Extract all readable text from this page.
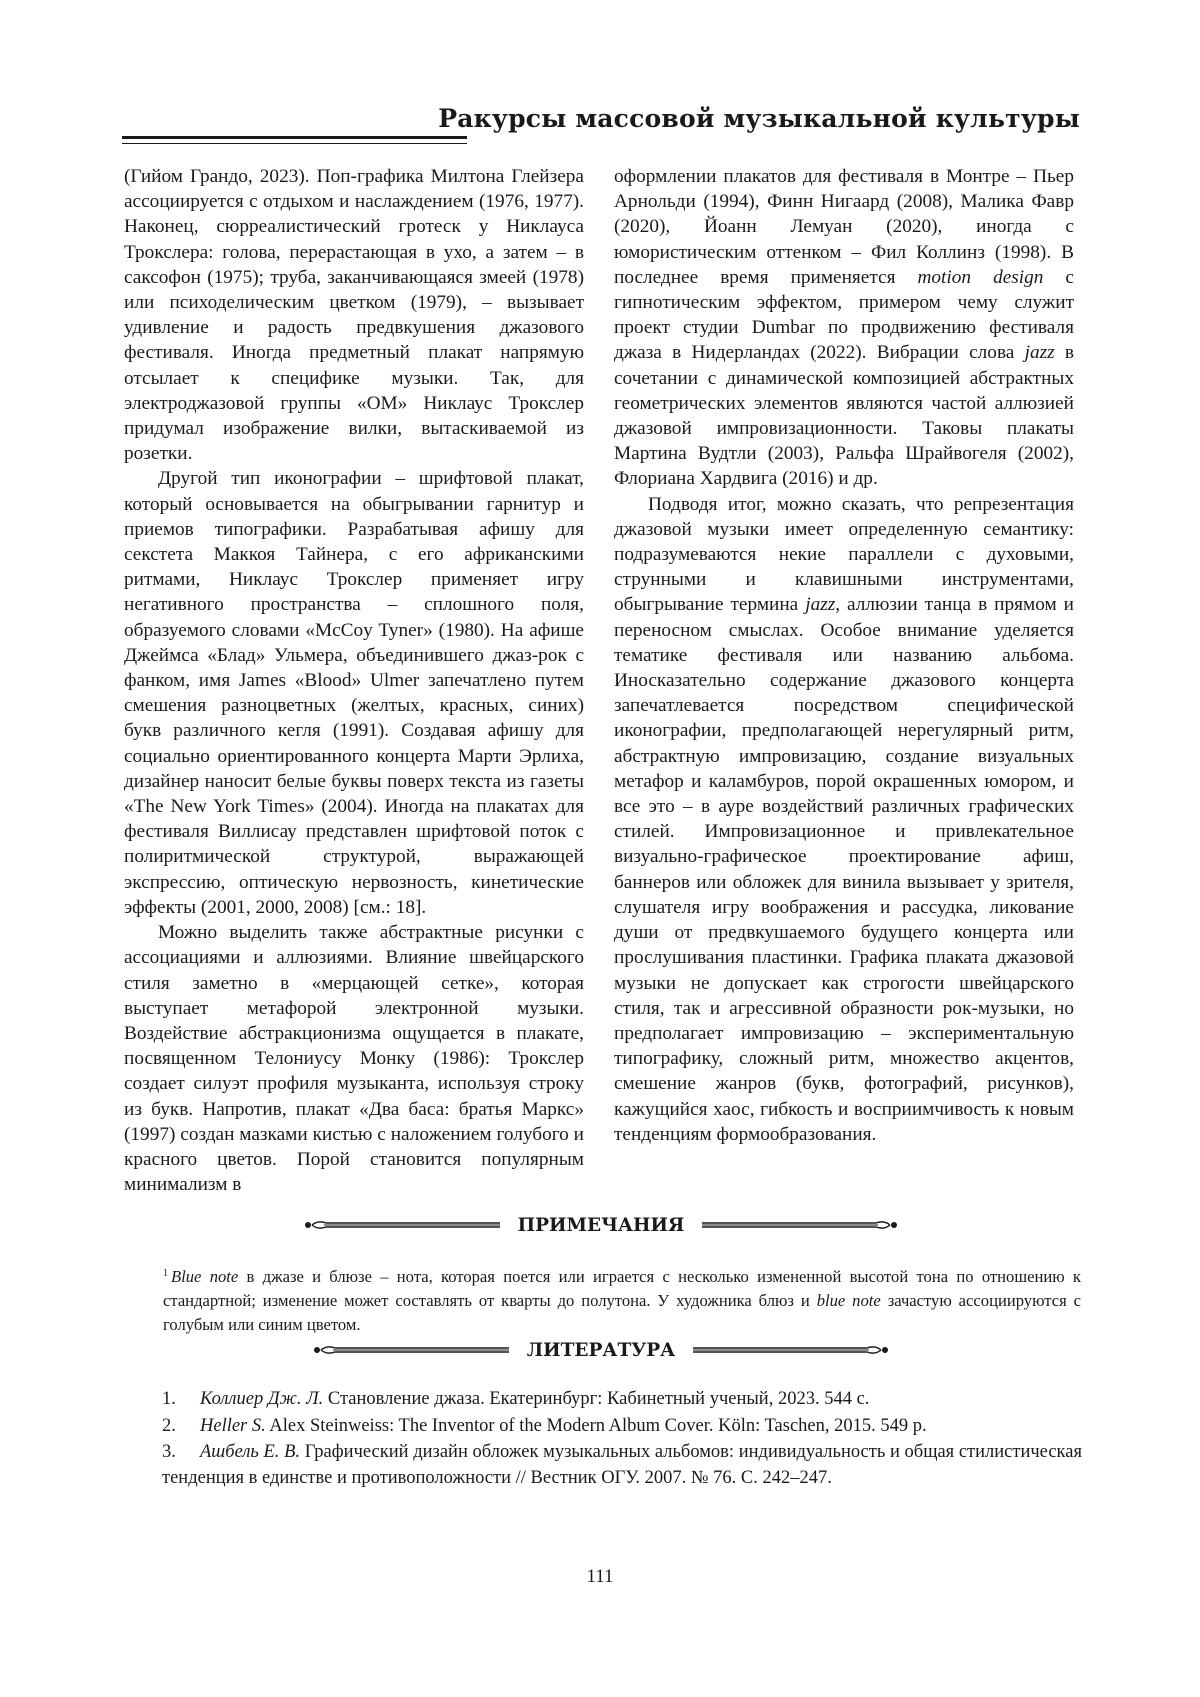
Ракурсы массовой музыкальной культуры

(Гийом Грандо, 2023). Поп-графика Милтона Глейзера ассоциируется с отдыхом и наслаждением (1976, 1977). Наконец, сюрреалистический гротеск у Никлауса Трокслера: голова, перерастающая в ухо, а затем – в саксофон (1975); труба, заканчивающаяся змеей (1978) или психоделическим цветком (1979), – вызывает удивление и радость предвкушения джазового фестиваля. Иногда предметный плакат напрямую отсылает к специфике музыки. Так, для электроджазовой группы «ОМ» Никлаус Трокслер придумал изображение вилки, вытаскиваемой из розетки.

Другой тип иконографии – шрифтовой плакат, который основывается на обыгрывании гарнитур и приемов типографики. Разрабатывая афишу для секстета Маккоя Тайнера, с его африканскими ритмами, Никлаус Трокслер применяет игру негативного пространства – сплошного поля, образуемого словами «McCoy Tyner» (1980). На афише Джеймса «Блад» Ульмера, объединившего джаз-рок с фанком, имя James «Blood» Ulmer запечатлено путем смешения разноцветных (желтых, красных, синих) букв различного кегля (1991). Создавая афишу для социально ориентированного концерта Марти Эрлиха, дизайнер наносит белые буквы поверх текста из газеты «The New York Times» (2004). Иногда на плакатах для фестиваля Виллисау представлен шрифтовой поток с полиритмической структурой, выражающей экспрессию, оптическую нервозность, кинетические эффекты (2001, 2000, 2008) [см.: 18].

Можно выделить также абстрактные рисунки с ассоциациями и аллюзиями. Влияние швейцарского стиля заметно в «мерцающей сетке», которая выступает метафорой электронной музыки. Воздействие абстракционизма ощущается в плакате, посвященном Телониусу Монку (1986): Трокслер создает силуэт профиля музыканта, используя строку из букв. Напротив, плакат «Два баса: братья Маркс» (1997) создан мазками кистью с наложением голубого и красного цветов. Порой становится популярным минимализм в

оформлении плакатов для фестиваля в Монтре – Пьер Арнольди (1994), Финн Нигаард (2008), Малика Фавр (2020), Йоанн Лемуан (2020), иногда с юмористическим оттенком – Фил Коллинз (1998). В последнее время применяется motion design с гипнотическим эффектом, примером чему служит проект студии Dumbar по продвижению фестиваля джаза в Нидерландах (2022). Вибрации слова jazz в сочетании с динамической композицией абстрактных геометрических элементов являются частой аллюзией джазовой импровизационности. Таковы плакаты Мартина Вудтли (2003), Ральфа Шрайвогеля (2002), Флориана Хардвига (2016) и др.

Подводя итог, можно сказать, что репрезентация джазовой музыки имеет определенную семантику: подразумеваются некие параллели с духовыми, струнными и клавишными инструментами, обыгрывание термина jazz, аллюзии танца в прямом и переносном смыслах. Особое внимание уделяется тематике фестиваля или названию альбома. Иносказательно содержание джазового концерта запечатлевается посредством специфической иконографии, предполагающей нерегулярный ритм, абстрактную импровизацию, создание визуальных метафор и каламбуров, порой окрашенных юмором, и все это – в ауре воздействий различных графических стилей. Импровизационное и привлекательное визуально-графическое проектирование афиш, баннеров или обложек для винила вызывает у зрителя, слушателя игру воображения и рассудка, ликование души от предвкушаемого будущего концерта или прослушивания пластинки. Графика плаката джазовой музыки не допускает как строгости швейцарского стиля, так и агрессивной образности рок-музыки, но предполагает импровизацию – экспериментальную типографику, сложный ритм, множество акцентов, смешение жанров (букв, фотографий, рисунков), кажущийся хаос, гибкость и восприимчивость к новым тенденциям формообразования.

ПРИМЕЧАНИЯ
$^1$ Blue note в джазе и блюзе – нота, которая поется или играется с несколько измененной высотой тона по отношению к стандартной; изменение может составлять от кварты до полутона. У художника блюз и blue note зачастую ассоциируются с голубым или синим цветом.
ЛИТЕРАТУРА
1. Коллиер Дж. Л. Становление джаза. Екатеринбург: Кабинетный ученый, 2023. 544 с.
2. Heller S. Alex Steinweiss: The Inventor of the Modern Album Cover. Köln: Taschen, 2015. 549 p.
3. Ашбель Е. В. Графический дизайн обложек музыкальных альбомов: индивидуальность и общая стилистическая тенденция в единстве и противоположности // Вестник ОГУ. 2007. № 76. С. 242–247.
111
